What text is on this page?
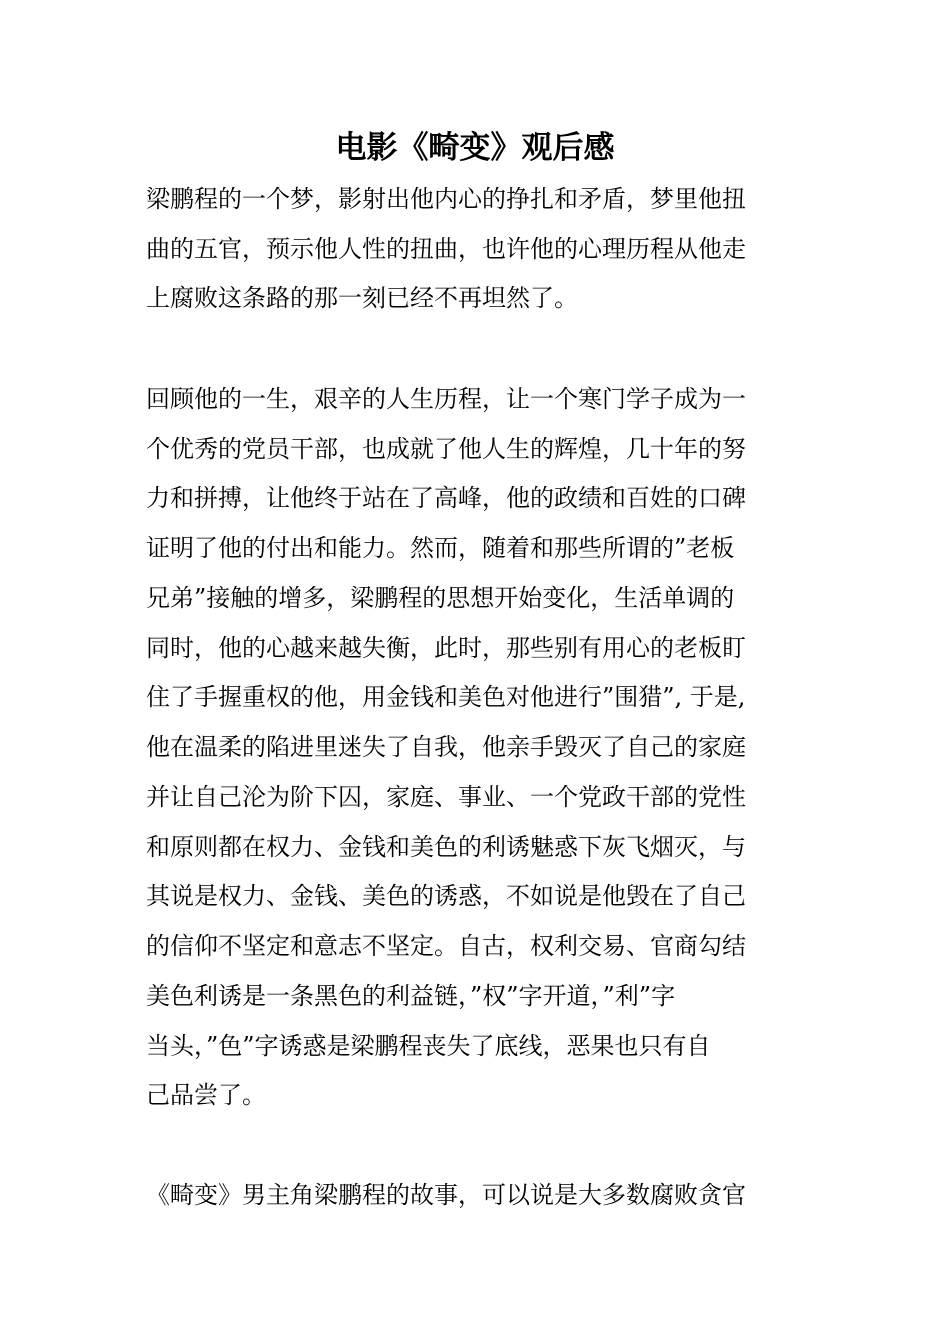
电影《畸变》观后感

梁鹏程的一个梦，影射出他内心的挣扎和矛盾，梦里他扭

曲的五官，预示他人性的扭曲，也许他的心理历程从他走

上腐败这条路的那一刻已经不再坦然了。

回顾他的一生，艰辛的人生历程，让一个寒门学子成为一

个优秀的党员干部，也成就了他人生的辉煌，几十年的努

力和拼搏，让他终于站在了高峰，他的政绩和百姓的口碑

证明了他的付出和能力。然而，随着和那些所谓的”老板

兄弟”接触的增多，梁鹏程的思想开始变化，生活单调的

同时，他的心越来越失衡，此时，那些别有用心的老板盯

住了手握重权的他，用金钱和美色对他进行”围猎”, 于是,

他在温柔的陷进里迷失了自我，他亲手毁灭了自己的家庭

并让自己沦为阶下囚，家庭、事业、一个党政干部的党性

和原则都在权力、金钱和美色的利诱魅惑下灰飞烟灭，与

其说是权力、金钱、美色的诱惑，不如说是他毁在了自己

的信仰不坚定和意志不坚定。自古，权利交易、官商勾结

美色利诱是一条黑色的利益链，”权”字开道，”利”字

当头，”色”字诱惑是梁鹏程丧失了底线，恶果也只有自

己品尝了。

《畸变》男主角梁鹏程的故事，可以说是大多数腐败贪官
